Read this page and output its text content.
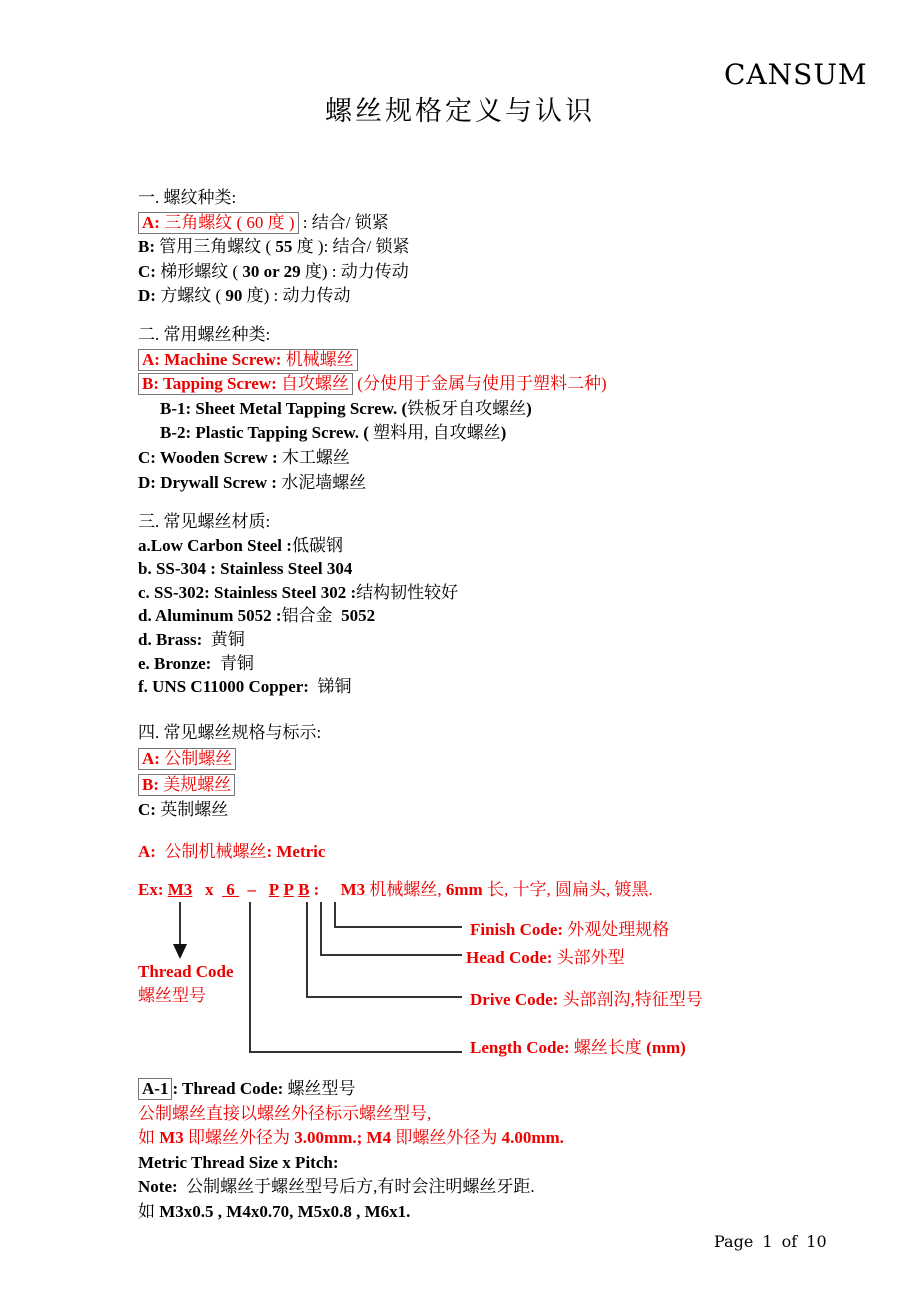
CANSUM
螺丝规格定义与认识
一. 螺纹种类:
A: 三角螺纹 ( 60 度 ) : 结合/ 锁紧
B: 管用三角螺纹 ( 55 度 ): 结合/ 锁紧
C: 梯形螺纹 ( 30 or 29 度) : 动力传动
D: 方螺纹 ( 90 度) : 动力传动
二. 常用螺丝种类:
A: Machine Screw: 机械螺丝
B: Tapping Screw: 自攻螺丝 (分使用于金属与使用于塑料二种)
B-1: Sheet Metal Tapping Screw. (铁板牙自攻螺丝)
B-2: Plastic Tapping Screw. ( 塑料用, 自攻螺丝)
C: Wooden Screw : 木工螺丝
D: Drywall Screw : 水泥墙螺丝
三. 常见螺丝材质:
a.Low Carbon Steel :低碳钢
b. SS-304 : Stainless Steel 304
c. SS-302: Stainless Steel 302 :结构韧性较好
d. Aluminum 5052 :铝合金  5052
d. Brass:  黄铜
e. Bronze:  青铜
f. UNS C11000 Copper:  锑铜
四. 常见螺丝规格与标示:
A: 公制螺丝
B: 美规螺丝
C: 英制螺丝
A:  公制机械螺丝: Metric
Ex: M3   x   6   –   P P B :     M3 机械螺丝, 6mm 长, 十字, 圆扁头, 镀黑.
Thread Code
螺丝型号
Finish Code: 外观处理规格
Head Code: 头部外型
Drive Code: 头部剖沟,特征型号
Length Code: 螺丝长度 (mm)
A-1 : Thread Code: 螺丝型号
公制螺丝直接以螺丝外径标示螺丝型号,
如 M3 即螺丝外径为 3.00mm.; M4 即螺丝外径为 4.00mm.
Metric Thread Size x Pitch:
Note:  公制螺丝于螺丝型号后方,有时会注明螺丝牙距.
如 M3x0.5 , M4x0.70, M5x0.8 , M6x1.
Page 1 of 10
